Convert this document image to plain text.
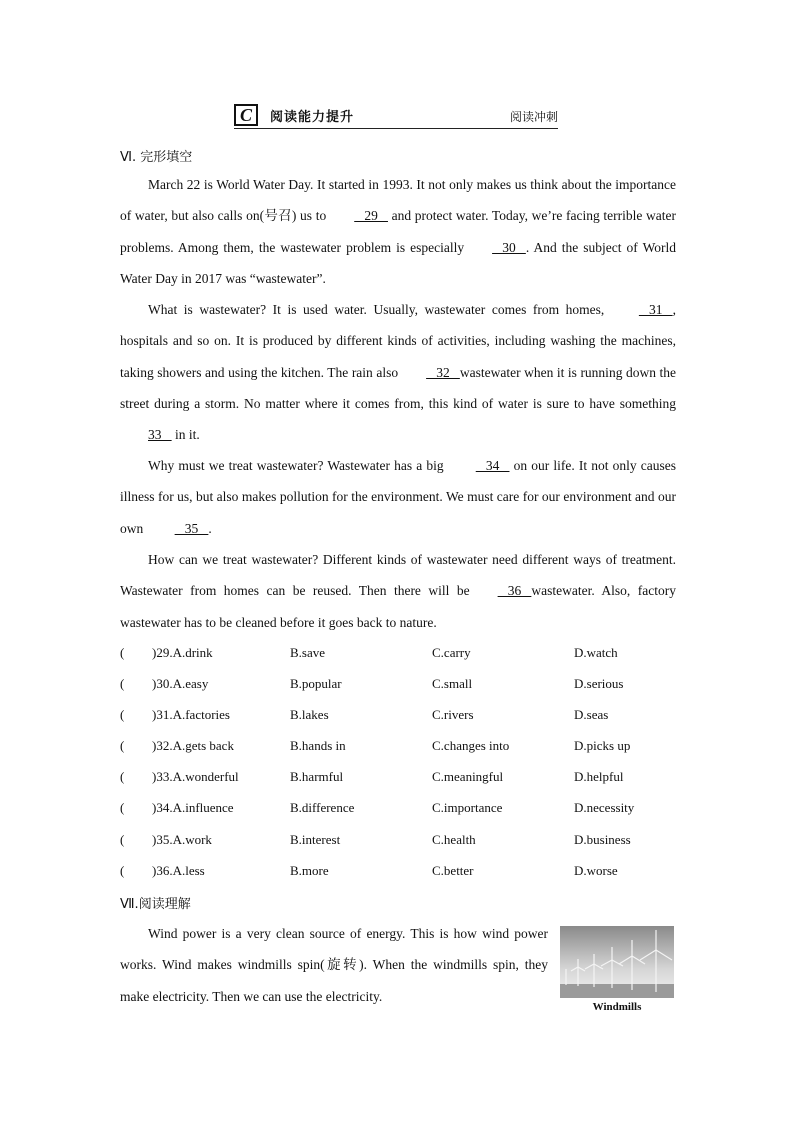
C	阅读能力提升	阅读冲刺
Ⅵ. 完形填空

March 22 is World Water Day. It started in 1993. It not only makes us think about the importance of water, but also calls on(号召) us to   29    and protect water. Today, we’re facing terrible water problems. Among them, the wastewater problem is especially   30   . And the subject of World Water Day in 2017 was “wastewater”.

What is wastewater? It is used water. Usually, wastewater comes from homes,    31   , hospitals and so on. It is produced by different kinds of activities, including washing the machines, taking showers and using the kitchen. The rain also   32   wastewater when it is running down the street during a storm. No matter where it comes from, this kind of water is sure to have something 33    in it.

Why must we treat wastewater? Wastewater has a big    34    on our life. It not only causes illness for us, but also makes pollution for the environment. We must care for our environment and our own    35   .

How can we treat wastewater? Different kinds of wastewater need different ways of treatment. Wastewater from homes can be reused. Then there will be   36   wastewater. Also, factory wastewater has to be cleaned before it goes back to nature.

( )29.A.drink	B.save	C.carry	D.watch
( )30.A.easy	B.popular	C.small	D.serious
( )31.A.factories	B.lakes	C.rivers	D.seas
( )32.A.gets back	B.hands in	C.changes into	D.picks up
( )33.A.wonderful	B.harmful	C.meaningful	D.helpful
( )34.A.influence	B.difference	C.importance	D.necessity
( )35.A.work	B.interest	C.health	D.business
( )36.A.less	B.more	C.better	D.worse
Ⅶ.阅读理解

Wind power is a very clean source of energy. This is how wind power works. Wind makes windmills spin(旋转). When the windmills spin, they make electricity. Then we can use the electricity.

Windmills
